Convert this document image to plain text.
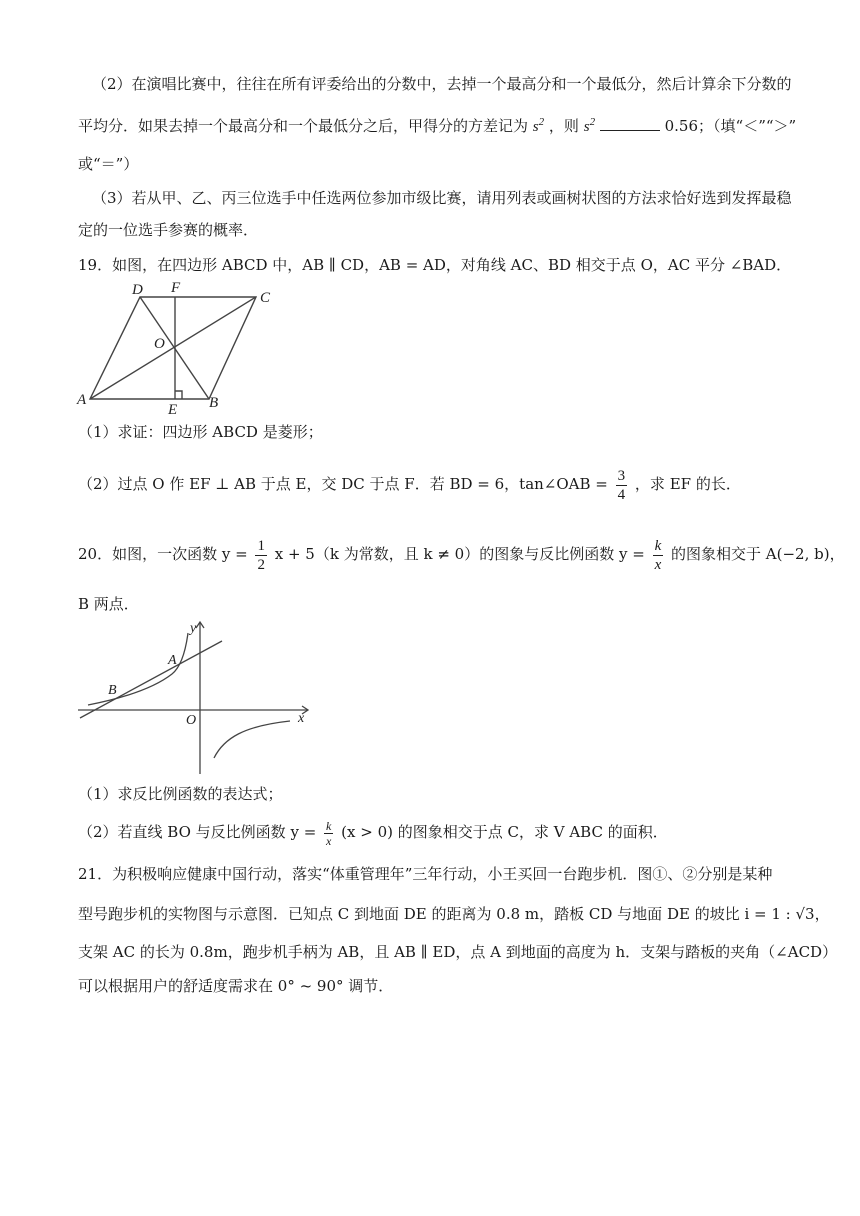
（2）在演唱比赛中，往往在所有评委给出的分数中，去掉一个最高分和一个最低分，然后计算余下分数的
平均分．如果去掉一个最高分和一个最低分之后，甲得分的方差记为 $s^2$ ，则 $s^2$	0.56；（填“＜”“＞”
或“＝”）
（3）若从甲、乙、丙三位选手中任选两位参加市级比赛，请用列表或画树状图的方法求恰好选到发挥最稳
定的一位选手参赛的概率．
19．如图，在四边形 ABCD 中，AB ∥ CD，AB = AD，对角线 AC、BD 相交于点 O，AC 平分 ∠BAD．
A	B
C
D
E
F
O
（1）求证：四边形 ABCD 是菱形；
（2）过点 O 作 EF ⊥ AB 于点 E，交 DC 于点 F．若 BD = 6，tan∠OAB = $\frac{3}{4}$ ，求 EF 的长．
20．如图，一次函数 $y = \frac{1}{2}$ x + 5（k 为常数，且 k ≠ 0）的图象与反比例函数 $y = \frac{k}{x}$ 的图象相交于 A(−2, b)，
B 两点．
y
x
O
A
B
（1）求反比例函数的表达式；
（2）若直线 BO 与反比例函数 $y = \frac{k}{x} (x > 0)$ 的图象相交于点 C，求 V ABC 的面积．
21．为积极响应健康中国行动，落实“体重管理年”三年行动，小王买回一台跑步机．图①、②分别是某种
型号跑步机的实物图与示意图．已知点 C 到地面 DE 的距离为 0.8 m，踏板 CD 与地面 DE 的坡比 i = 1 : √3，
支架 AC 的长为 0.8m，跑步机手柄为 AB，且 AB ∥ ED，点 A 到地面的高度为 h．支架与踏板的夹角（∠ACD）
可以根据用户的舒适度需求在 0° ~ 90° 调节．
